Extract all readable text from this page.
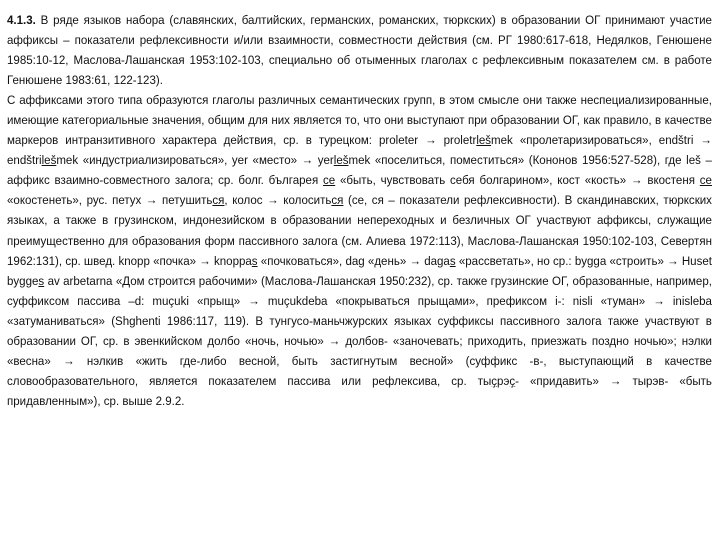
4.1.3. В ряде языков набора (славянских, балтийских, германских, романских, тюркских) в образовании ОГ принимают участие аффиксы – показатели рефлексивности и/или взаимности, совместности действия (см. РГ 1980:617-618, Недялков, Генюшене 1985:10-12, Маслова-Лашанская 1953:102-103, специально об отыменных глаголах с рефлексивным показателем см. в работе Генюшене 1983:61, 122-123).

С аффиксами этого типа образуются глаголы различных семантических групп, в этом смысле они также неспециализированные, имеющие категориальные значения, общим для них является то, что они выступают при образовании ОГ, как правило, в качестве маркеров интранзитивного характера действия, ср. в турецком: proleter → proletrlešmek «пролетаризироваться», endštri → endštrilešmek «индустриализироваться», yer «место» → yerlešmek «поселиться, поместиться» (Кононов 1956:527-528), где leš – аффикс взаимно-совместного залога; ср. болг. българея се «быть, чувствовать себя болгарином», кост «кость» → вкостеня се «окостенеть», рус. петух → петушиться, колос → колоситься (се, ся – показатели рефлексивности). В скандинавских, тюркских языках, а также в грузинском, индонезийском в образовании непереходных и безличных ОГ участвуют аффиксы, служащие преимущественно для образования форм пассивного залога (см. Алиева 1972:113), Маслова-Лашанская 1950:102-103, Севертян 1962:131), ср. швед. knopp «почка» → knoppas «почковаться», dag «день» → dagas «рассветать», но ср.: bygga «строить» → Huset bygges av arbetarna «Дом строится рабочими» (Маслова-Лашанская 1950:232), ср. также грузинские ОГ, образованные, например, суффиксом пассива –d: muçuki «прыщ» → muçukdeba «покрываться прыщами», префиксом i-: nisli «туман» → inisleba «затуманиваться» (Shghenti 1986:117, 119). В тунгусо-маньчжурских языках суффиксы пассивного залога также участвуют в образовании ОГ, ср. в эвенкийском долбо «ночь, ночью» → долбов- «заночевать; приходить, приезжать поздно ночью»; нэлки «весна» → нэлкив «жить где-либо весной, быть застигнутым весной» (суффикс -в-, выступающий в качестве словообразовательного, является показателем пассива или рефлексива, ср. тыҫрэҫ- «придавить» → тырэв- «быть придавленным»), ср. выше 2.9.2.
